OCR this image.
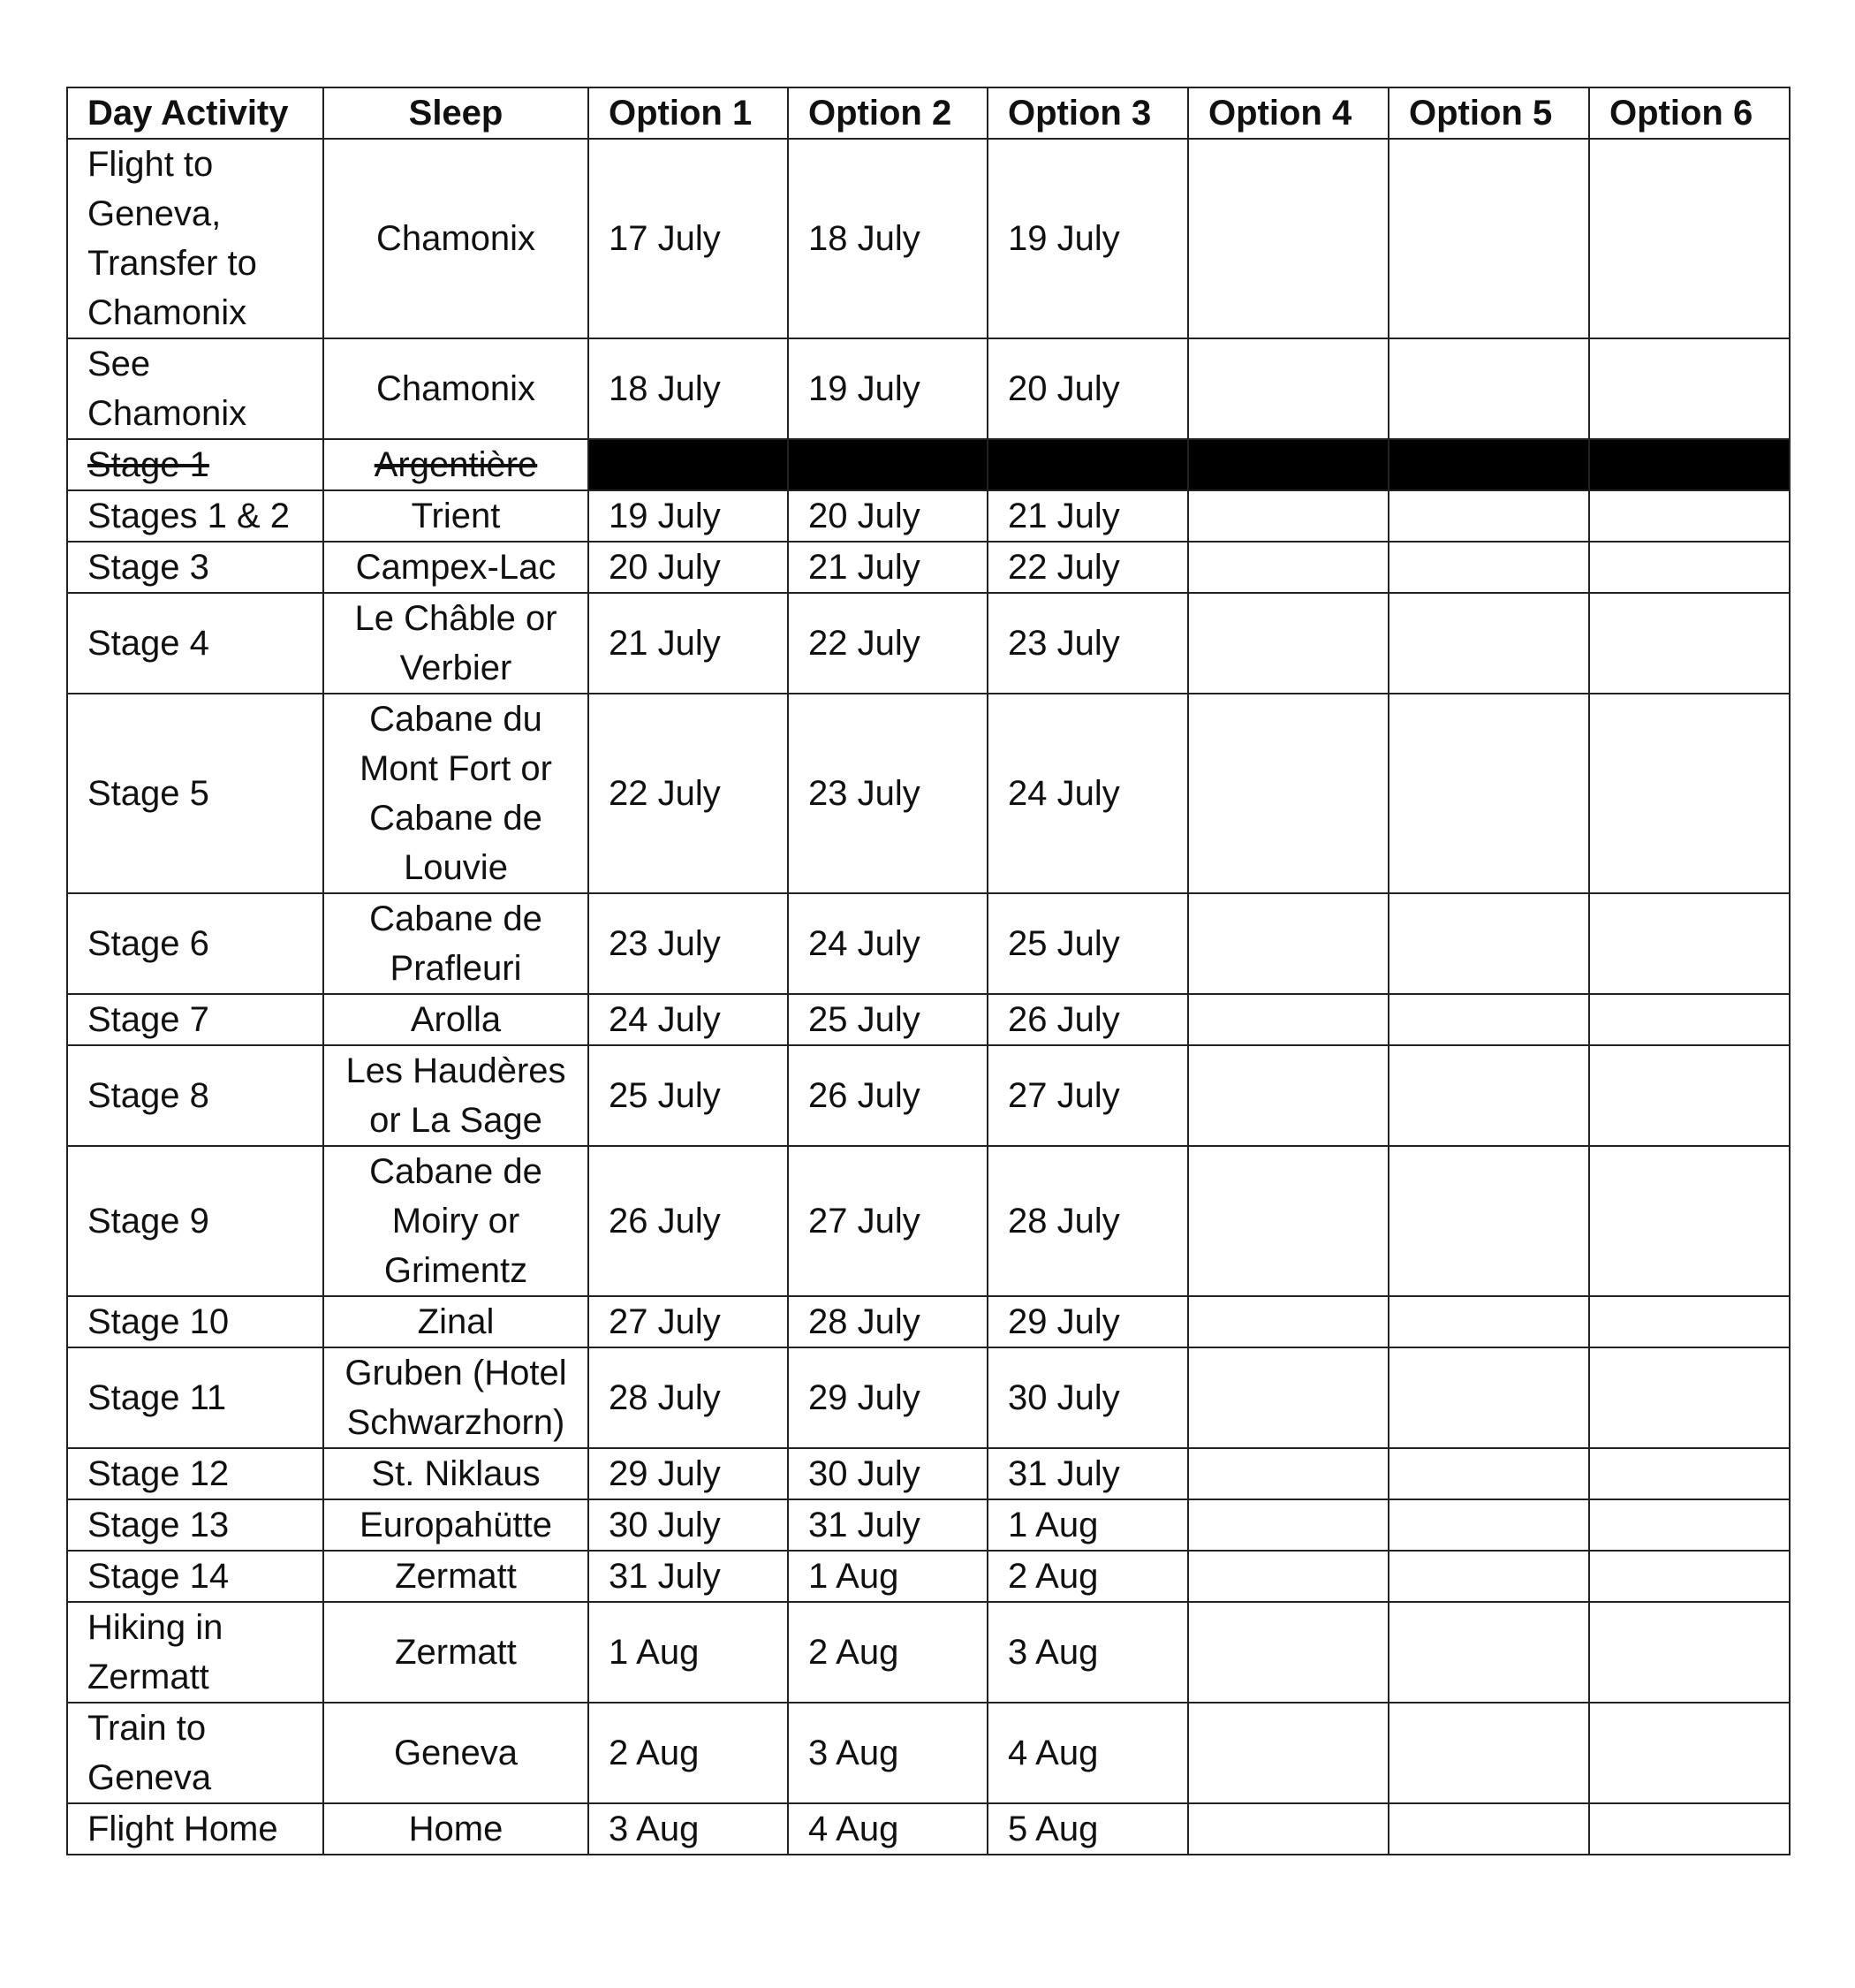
Day Activity	Sleep	Option 1	Option 2	Option 3	Option 4	Option 5	Option 6
Flight to Geneva, Transfer to Chamonix	Chamonix	17 July	18 July	19 July			
See Chamonix	Chamonix	18 July	19 July	20 July			
Stage 1	Argentière						
Stages 1 & 2	Trient	19 July	20 July	21 July			
Stage 3	Campex-Lac	20 July	21 July	22 July			
Stage 4	Le Châble or Verbier	21 July	22 July	23 July			
Stage 5	Cabane du Mont Fort or Cabane de Louvie	22 July	23 July	24 July			
Stage 6	Cabane de Prafleuri	23 July	24 July	25 July			
Stage 7	Arolla	24 July	25 July	26 July			
Stage 8	Les Haudères or La Sage	25 July	26 July	27 July			
Stage 9	Cabane de Moiry or Grimentz	26 July	27 July	28 July			
Stage 10	Zinal	27 July	28 July	29 July			
Stage 11	Gruben (Hotel Schwarzhorn)	28 July	29 July	30 July			
Stage 12	St. Niklaus	29 July	30 July	31 July			
Stage 13	Europahütte	30 July	31 July	1 Aug			
Stage 14	Zermatt	31 July	1 Aug	2 Aug			
Hiking in Zermatt	Zermatt	1 Aug	2 Aug	3 Aug			
Train to Geneva	Geneva	2 Aug	3 Aug	4 Aug			
Flight Home	Home	3 Aug	4 Aug	5 Aug			
